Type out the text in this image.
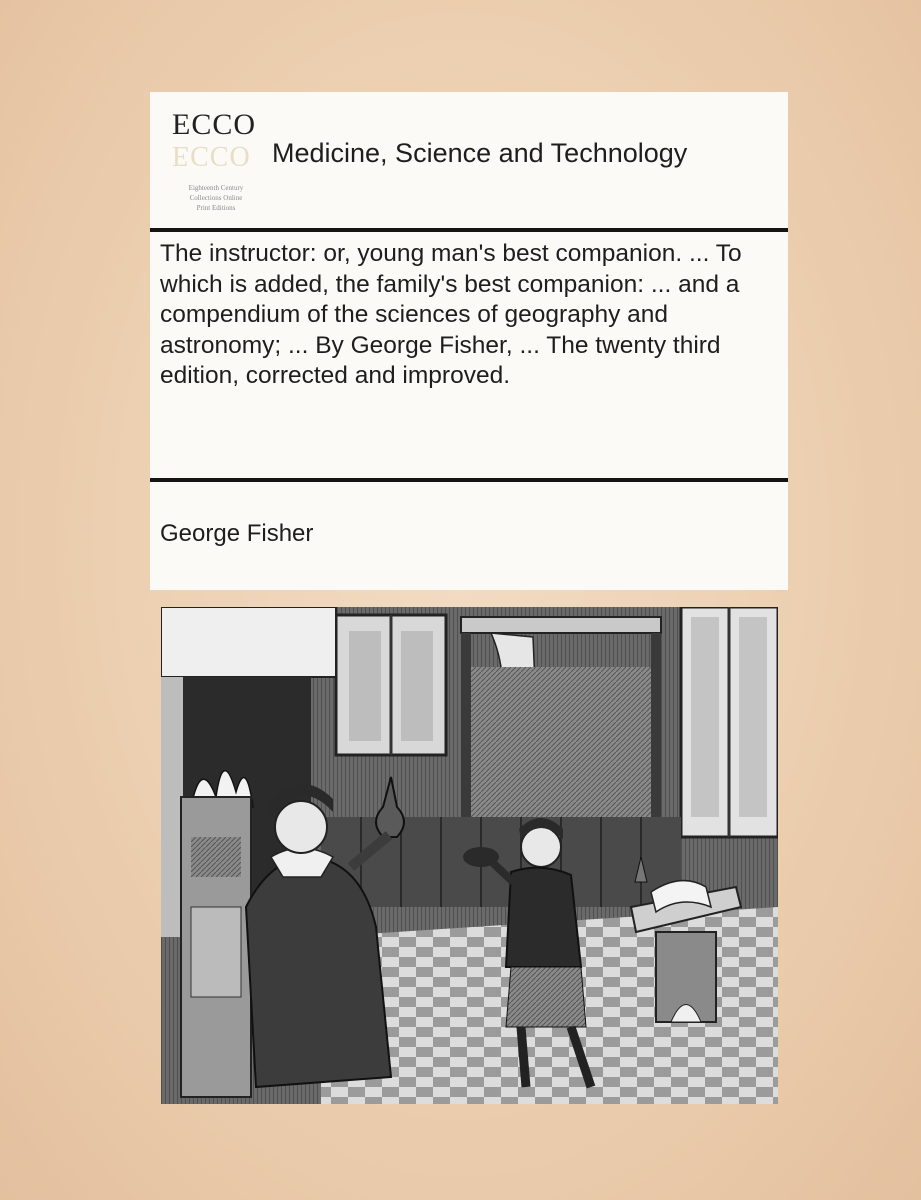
ECCO
ECCO
Eighteenth Century
Collections Online
Print Editions
Medicine, Science and Technology
The instructor: or, young man's best companion. ... To which is added, the family's best companion: ... and a compendium of the sciences of geography and astronomy; ... By George Fisher, ... The twenty third edition, corrected and improved.
George Fisher
